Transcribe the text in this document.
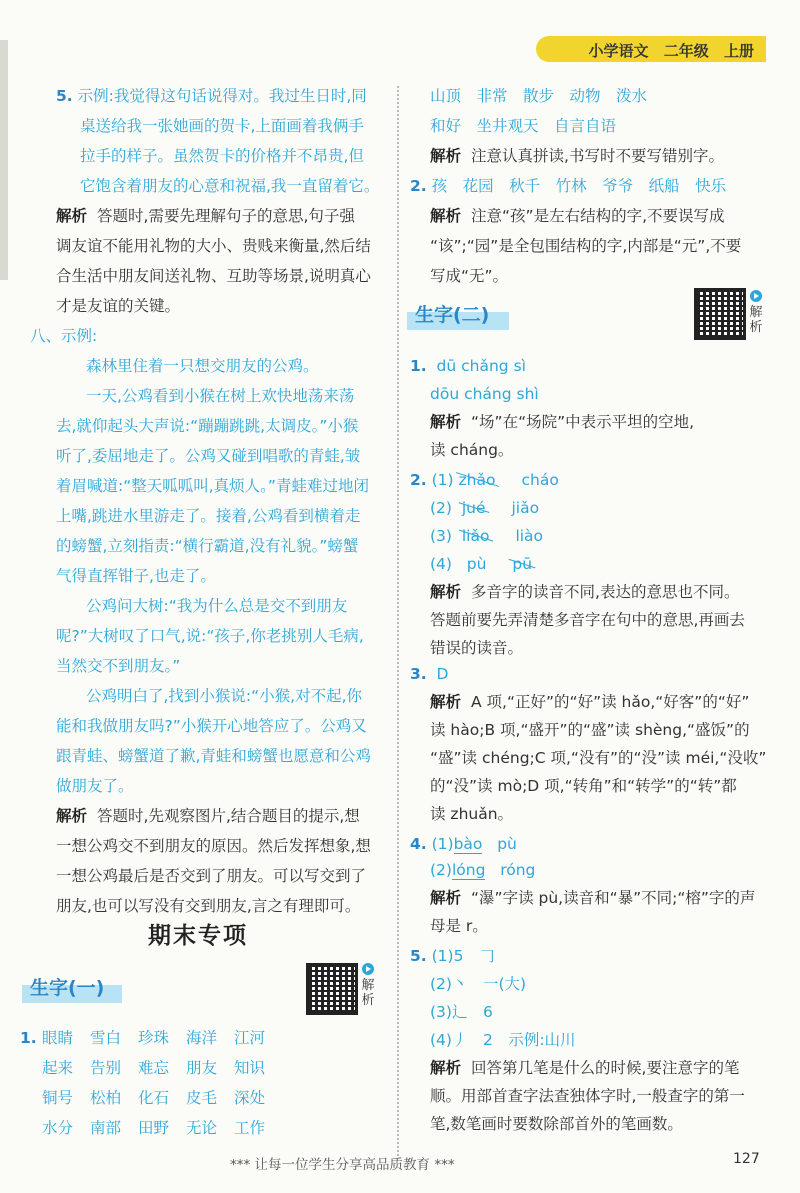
小学语文 二年级 上册
5. 示例:我觉得这句话说得对。我过生日时,同
桌送给我一张她画的贺卡,上面画着我俩手
拉手的样子。虽然贺卡的价格并不昂贵,但
它饱含着朋友的心意和祝福,我一直留着它。
解析 答题时,需要先理解句子的意思,句子强
调友谊不能用礼物的大小、贵贱来衡量,然后结
合生活中朋友间送礼物、互助等场景,说明真心
才是友谊的关键。
八、示例:
森林里住着一只想交朋友的公鸡。
一天,公鸡看到小猴在树上欢快地荡来荡
去,就仰起头大声说:“蹦蹦跳跳,太调皮。”小猴
听了,委屈地走了。公鸡又碰到唱歌的青蛙,皱
着眉喊道:“整天呱呱叫,真烦人。”青蛙难过地闭
上嘴,跳进水里游走了。接着,公鸡看到横着走
的螃蟹,立刻指责:“横行霸道,没有礼貌。”螃蟹
气得直挥钳子,也走了。
公鸡问大树:“我为什么总是交不到朋友
呢?”大树叹了口气,说:“孩子,你老挑别人毛病,
当然交不到朋友。”
公鸡明白了,找到小猴说:“小猴,对不起,你
能和我做朋友吗?”小猴开心地答应了。公鸡又
跟青蛙、螃蟹道了歉,青蛙和螃蟹也愿意和公鸡
做朋友了。
解析 答题时,先观察图片,结合题目的提示,想
一想公鸡交不到朋友的原因。然后发挥想象,想
一想公鸡最后是否交到了朋友。可以写交到了
朋友,也可以写没有交到朋友,言之有理即可。
期末专项
生字(一)	解析
1. 眼睛 雪白 珍珠 海洋 江河
起来 告别 难忘 朋友 知识
铜号 松柏 化石 皮毛 深处
水分 南部 田野 无论 工作
山顶　非常　散步　动物　泼水
和好　坐井观天　自言自语
解析 注意认真拼读,书写时不要写错别字。
2. 孩　花园　秋千　竹林　爷爷　纸船　快乐
解析 注意“孩”是左右结构的字,不要误写成
“该”;“园”是全包围结构的字,内部是“元”,不要
写成“无”。
生字(二)	解析
1. dū chǎng sì
dōu cháng shì
解析 “场”在“场院”中表示平坦的空地,
读 cháng。
2. (1) zhǎo cháo
(2) jué jiǎo
(3) liǎo liào
(4) pù pū
解析 多音字的读音不同,表达的意思也不同。
答题前要先弄清楚多音字在句中的意思,再画去
错误的读音。
3. D
解析 A 项,“正好”的“好”读 hǎo,“好客”的“好”
读 hào;B 项,“盛开”的“盛”读 shèng,“盛饭”的
“盛”读 chéng;C 项,“没有”的“没”读 méi,“没收”
的“没”读 mò;D 项,“转角”和“转学”的“转”都
读 zhuǎn。
4. (1)bào pù
(2)lóng róng
解析 “瀑”字读 pù,读音和“暴”不同;“榕”字的声
母是 r。
5. (1)5　𠃌
(2)丶　一(大)
(3)辶　6
(4)丿　2　示例:山川
解析 回答第几笔是什么的时候,要注意字的笔
顺。用部首查字法查独体字时,一般查字的第一
笔,数笔画时要数除部首外的笔画数。
*** 让每一位学生分享高品质教育 ***	127
